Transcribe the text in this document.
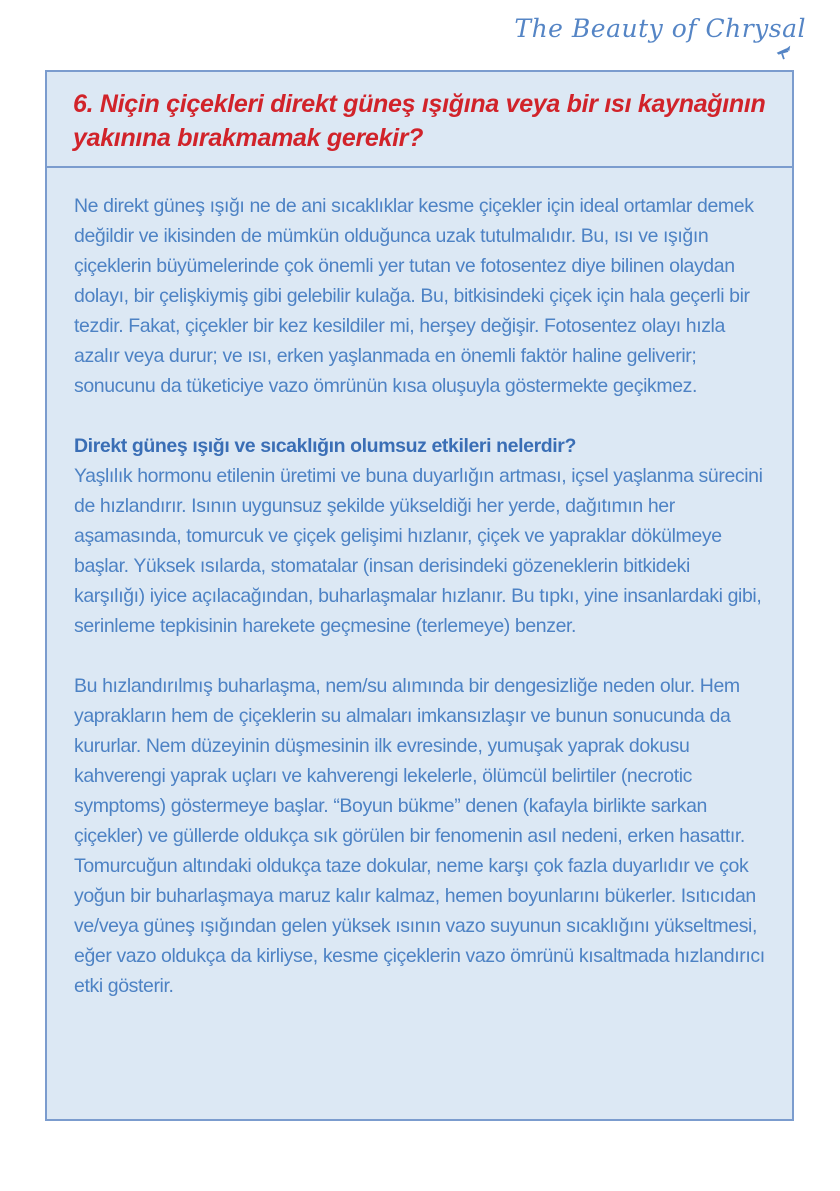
The Beauty of Chrysal
6. Niçin çiçekleri direkt güneş ışığına veya bir ısı kaynağının yakınına bırakmamak gerekir?

Ne direkt güneş ışığı ne de ani sıcaklıklar kesme çiçekler için ideal ortamlar demek değildir ve ikisinden de mümkün olduğunca uzak tutulmalıdır. Bu, ısı ve ışığın çiçeklerin büyümelerinde çok önemli yer tutan ve fotosentez diye bilinen olaydan dolayı, bir çelişkiymiş gibi gelebilir kulağa. Bu, bitkisindeki çiçek için hala geçerli bir tezdir. Fakat, çiçekler bir kez kesildiler mi, herşey değişir. Fotosentez olayı hızla azalır veya durur; ve ısı, erken yaşlanmada en önemli faktör haline geliverir; sonucunu da tüketiciye vazo ömrünün kısa oluşuyla göstermekte geçikmez.

Direkt güneş ışığı ve sıcaklığın olumsuz etkileri nelerdir?

Yaşlılık hormonu etilenin üretimi ve buna duyarlığın artması, içsel yaşlanma sürecini de hızlandırır. Isının uygunsuz şekilde yükseldiği her yerde, dağıtımın her aşamasında, tomurcuk ve çiçek gelişimi hızlanır, çiçek ve yapraklar dökülmeye başlar. Yüksek ısılarda, stomatalar (insan derisindeki gözeneklerin bitkideki karşılığı) iyice açılacağından, buharlaşmalar hızlanır. Bu tıpkı, yine insanlardaki gibi, serinleme tepkisinin harekete geçmesine (terlemeye) benzer.

Bu hızlandırılmış buharlaşma, nem/su alımında bir dengesizliğe neden olur. Hem yaprakların hem de çiçeklerin su almaları imkansızlaşır ve bunun sonucunda da kururlar. Nem düzeyinin düşmesinin ilk evresinde, yumuşak yaprak dokusu kahverengi yaprak uçları ve kahverengi lekelerle, ölümcül belirtiler (necrotic symptoms) göstermeye başlar. “Boyun bükme” denen (kafayla birlikte sarkan çiçekler) ve güllerde oldukça sık görülen bir fenomenin asıl nedeni, erken hasattır. Tomurcuğun altındaki oldukça taze dokular, neme karşı çok fazla duyarlıdır ve çok yoğun bir buharlaşmaya maruz kalır kalmaz, hemen boyunlarını bükerler. Isıtıcıdan ve/veya güneş ışığından gelen yüksek ısının vazo suyunun sıcaklığını yükseltmesi, eğer vazo oldukça da kirliyse, kesme çiçeklerin vazo ömrünü kısaltmada hızlandırıcı etki gösterir.
